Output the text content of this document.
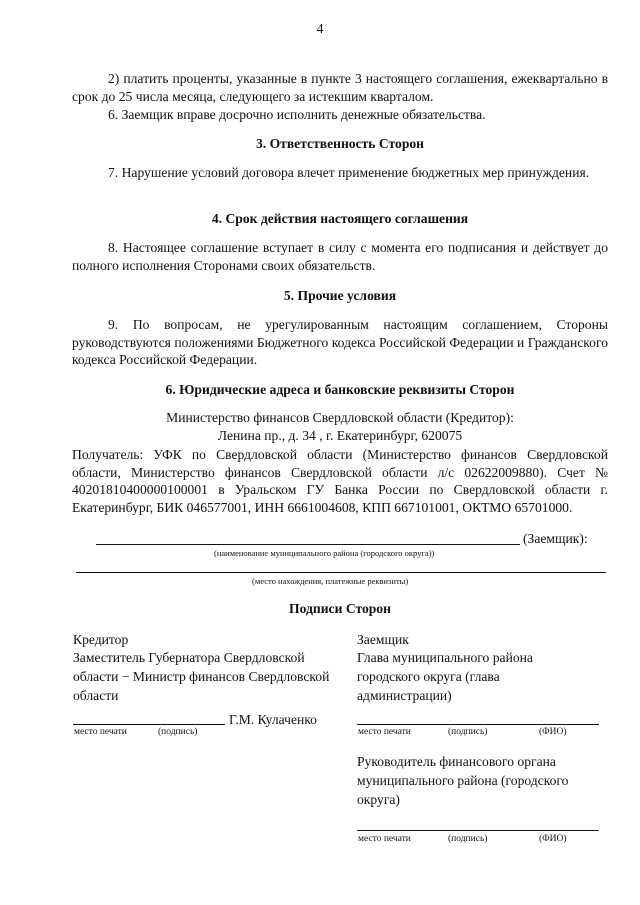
4
2) платить проценты, указанные в пункте 3 настоящего соглашения, ежеквартально в срок до 25 числа месяца, следующего за истекшим кварталом.
6. Заемщик вправе досрочно исполнить денежные обязательства.
3. Ответственность Сторон
7. Нарушение условий договора влечет применение бюджетных мер принуждения.
4. Срок действия настоящего соглашения
8. Настоящее соглашение вступает в силу с момента его подписания и действует до полного исполнения Сторонами своих обязательств.
5. Прочие условия
9. По вопросам, не урегулированным настоящим соглашением, Стороны руководствуются положениями Бюджетного кодекса Российской Федерации и Гражданского кодекса Российской Федерации.
6. Юридические адреса и банковские реквизиты Сторон
Министерство финансов Свердловской области (Кредитор):
Ленина пр., д. 34 , г. Екатеринбург, 620075
Получатель: УФК по Свердловской области (Министерство финансов Свердловской области, Министерство финансов Свердловской области л/с 02622009880). Счет № 40201810400000100001 в Уральском ГУ Банка России по Свердловской области г. Екатеринбург, БИК 046577001, ИНН 6661004608, КПП 667101001, ОКТМО 65701000.
(Заемщик):
(наименование муниципального района (городского округа))
(место нахождения, платежные реквизиты)
Подписи Сторон
Кредитор
Заместитель Губернатора Свердловской области − Министр финансов Свердловской области
Г.М. Кулаченко
место печати	(подпись)
Заемщик
Глава муниципального района городского округа (глава администрации)
место печати	(подпись)	(ФИО)
Руководитель финансового органа муниципального района (городского округа)
место печати	(подпись)	(ФИО)
